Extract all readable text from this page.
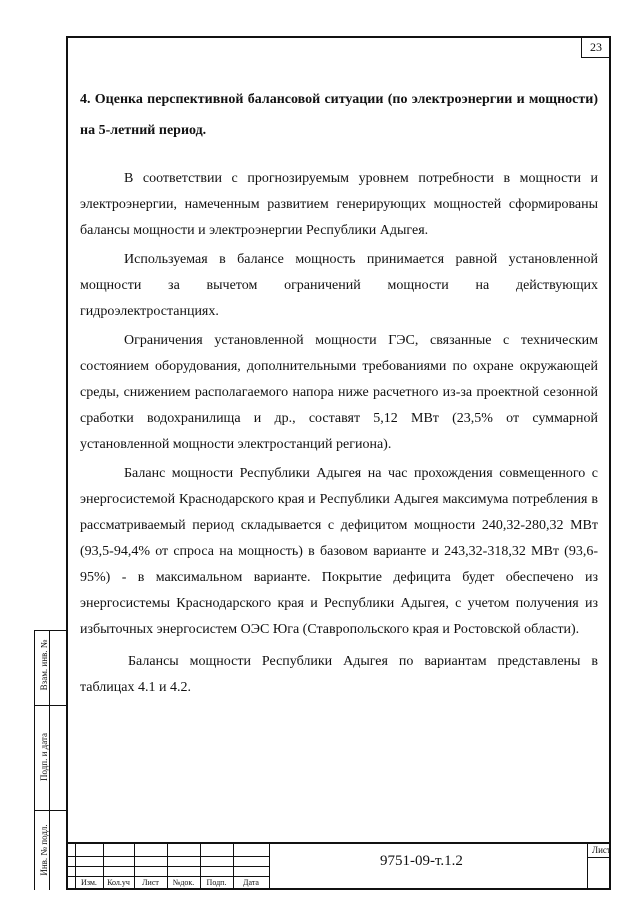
23
4. Оценка перспективной балансовой ситуации (по электроэнергии и мощности) на 5-летний период.

В соответствии с прогнозируемым уровнем потребности в мощности и электроэнергии, намеченным развитием генерирующих мощностей сформированы балансы мощности и электроэнергии Республики Адыгея.

Используемая в балансе мощность принимается равной установленной мощности за вычетом ограничений мощности на действующих гидроэлектростанциях.

Ограничения установленной мощности ГЭС, связанные с техническим состоянием оборудования, дополнительными требованиями по охране окружающей среды, снижением располагаемого напора ниже расчетного из-за проектной сезонной сработки водохранилища и др., составят 5,12 МВт (23,5% от суммарной установленной мощности электростанций региона).

Баланс мощности Республики Адыгея на час прохождения совмещенного с энергосистемой Краснодарского края и Республики Адыгея максимума потребления в рассматриваемый период складывается с дефицитом мощности 240,32-280,32 МВт (93,5-94,4% от спроса на мощность) в базовом варианте и 243,32-318,32 МВт (93,6-95%) - в максимальном варианте. Покрытие дефицита будет обеспечено из энергосистемы Краснодарского края и Республики Адыгея, с учетом получения из избыточных энергосистем ОЭС Юга (Ставропольского края и Ростовской области).

Балансы мощности Республики Адыгея по вариантам представлены в таблицах 4.1 и 4.2.

Взам. инв. №
Подп. и дата
Инв. № подл.
Изм.	Кол.уч	Лист	№док.	Подп.	Дата
9751-09-т.1.2
Лист
